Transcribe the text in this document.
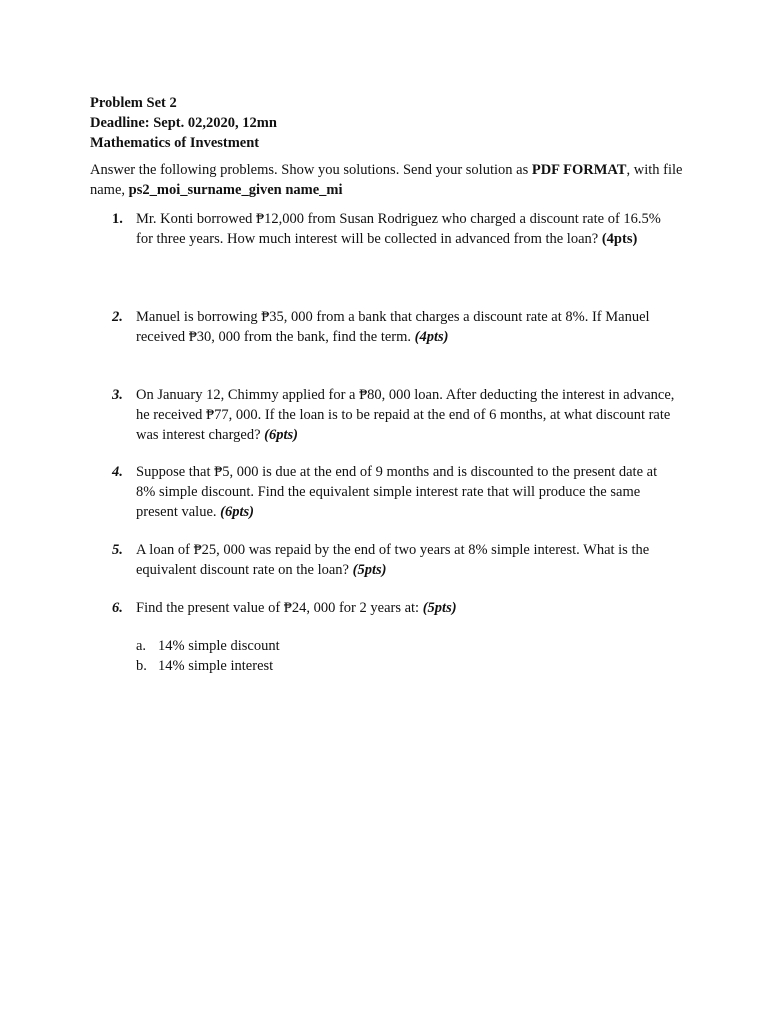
Problem Set 2
Deadline: Sept. 02,2020, 12mn
Mathematics of Investment
Answer the following problems. Show you solutions. Send your solution as PDF FORMAT, with file name, ps2_moi_surname_given name_mi
1. Mr. Konti borrowed ₱12,000 from Susan Rodriguez who charged a discount rate of 16.5% for three years. How much interest will be collected in advanced from the loan? (4pts)
2. Manuel is borrowing ₱35, 000 from a bank that charges a discount rate at 8%. If Manuel received ₱30, 000 from the bank, find the term. (4pts)
3. On January 12, Chimmy applied for a ₱80, 000 loan. After deducting the interest in advance, he received ₱77, 000. If the loan is to be repaid at the end of 6 months, at what discount rate was interest charged? (6pts)
4. Suppose that ₱5, 000 is due at the end of 9 months and is discounted to the present date at 8% simple discount. Find the equivalent simple interest rate that will produce the same present value. (6pts)
5. A loan of ₱25, 000 was repaid by the end of two years at 8% simple interest. What is the equivalent discount rate on the loan? (5pts)
6. Find the present value of ₱24, 000 for 2 years at: (5pts)
a. 14% simple discount
b. 14% simple interest
